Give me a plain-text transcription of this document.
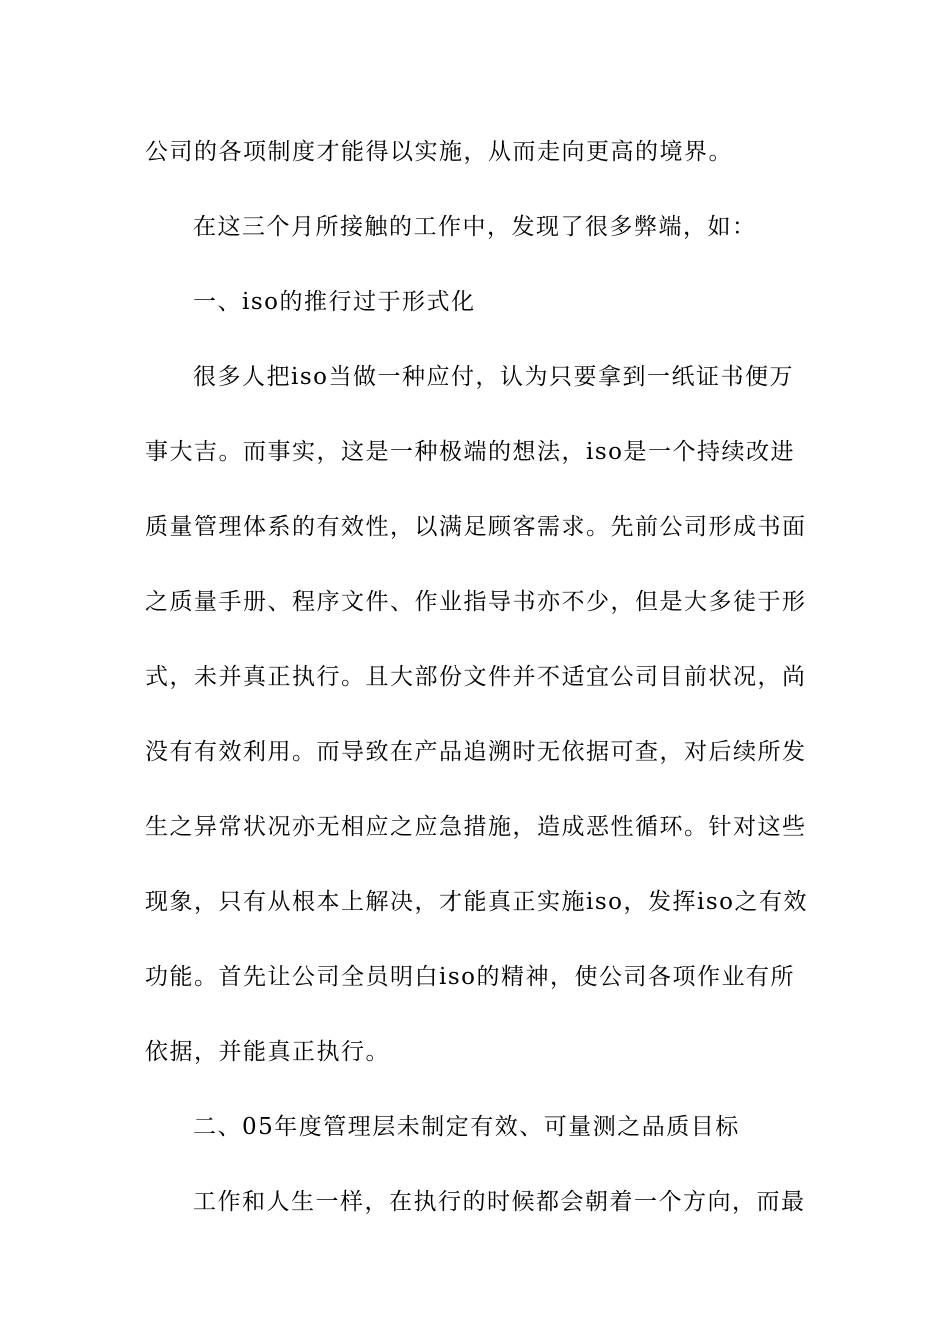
公司的各项制度才能得以实施，从而走向更高的境界。
在这三个月所接触的工作中，发现了很多弊端，如：
一、iso的推行过于形式化
很多人把iso当做一种应付，认为只要拿到一纸证书便万
事大吉。而事实，这是一种极端的想法，iso是一个持续改进
质量管理体系的有效性，以满足顾客需求。先前公司形成书面
之质量手册、程序文件、作业指导书亦不少，但是大多徒于形
式，未并真正执行。且大部份文件并不适宜公司目前状况，尚
没有有效利用。而导致在产品追溯时无依据可查，对后续所发
生之异常状况亦无相应之应急措施，造成恶性循环。针对这些
现象，只有从根本上解决，才能真正实施iso，发挥iso之有效
功能。首先让公司全员明白iso的精神，使公司各项作业有所
依据，并能真正执行。
二、05年度管理层未制定有效、可量测之品质目标
工作和人生一样，在执行的时候都会朝着一个方向，而最
